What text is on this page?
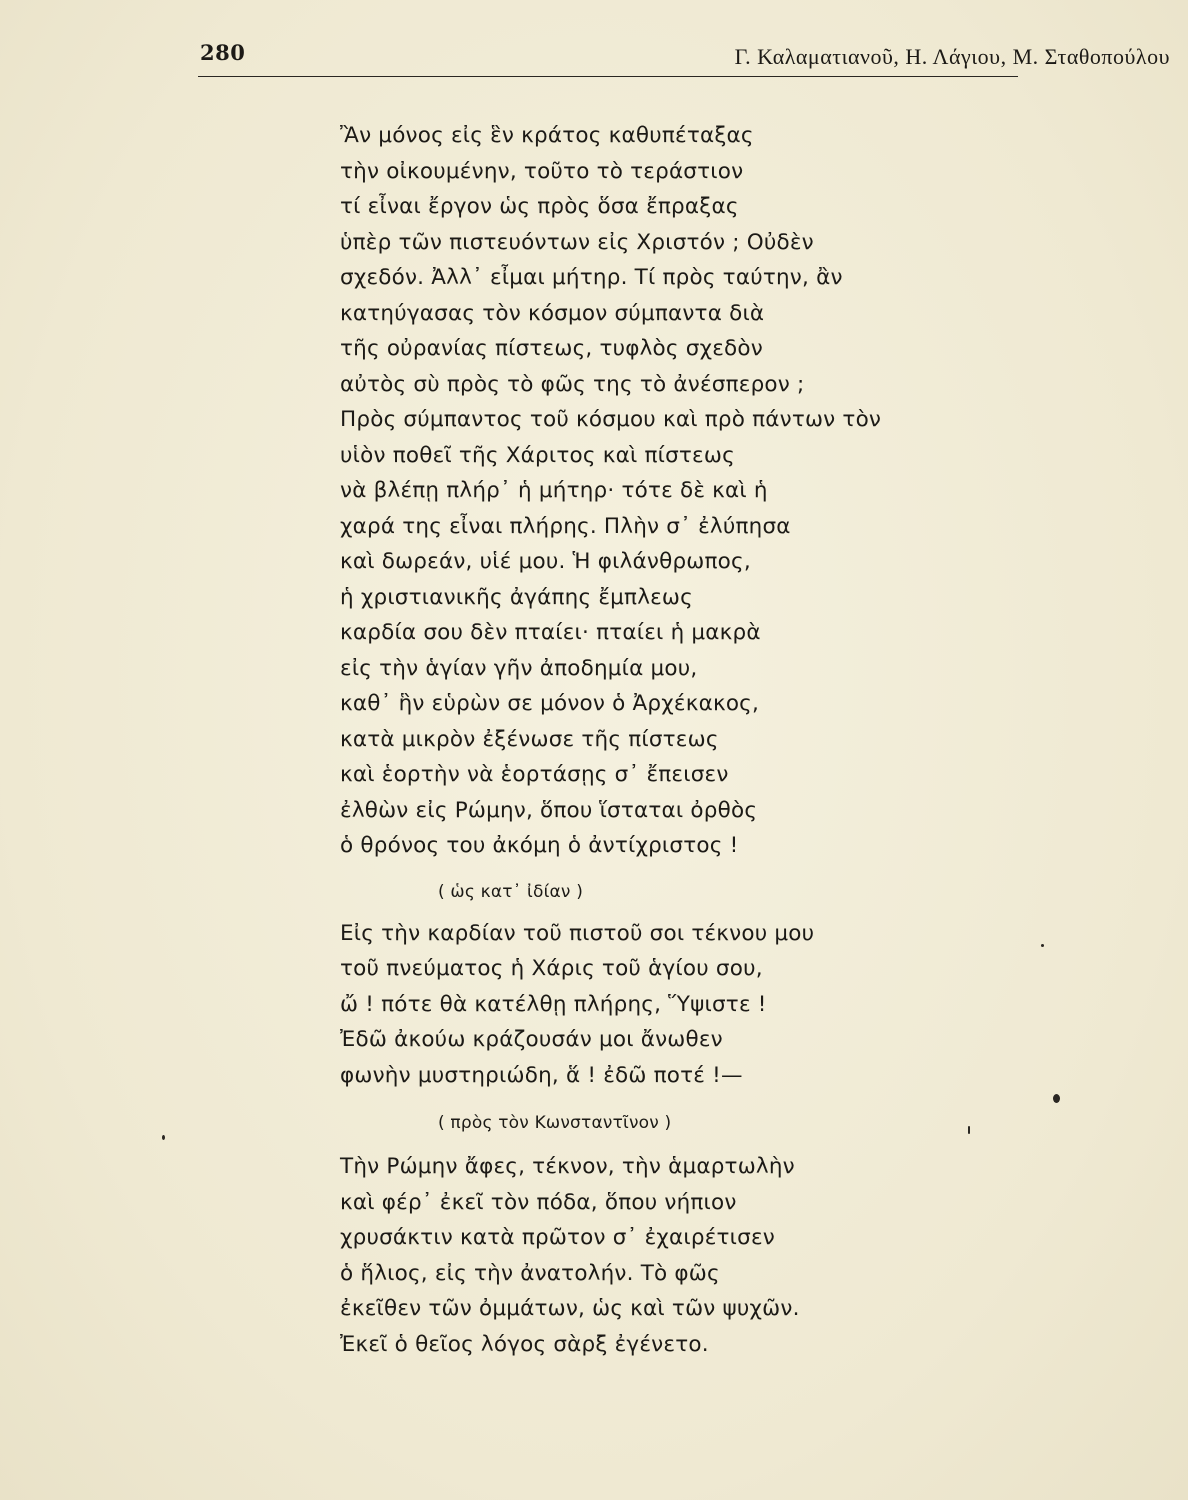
280	Γ. Καλαματιανοῦ, Η. Λάγιου, Μ. Σταθοπούλου
Ἂν μόνος εἰς ἓν κράτος καθυπέταξας
τὴν οἰκουμένην, τοῦτο τὸ τεράστιον
τί εἶναι ἔργον ὡς πρὸς ὅσα ἔπραξας
ὑπὲρ τῶν πιστευόντων εἰς Χριστόν ; Οὐδὲν
σχεδόν. Ἀλλ᾿ εἶμαι μήτηρ. Τί πρὸς ταύτην, ἂν
κατηύγασας τὸν κόσμον σύμπαντα διὰ
τῆς οὐρανίας πίστεως, τυφλὸς σχεδὸν
αὐτὸς σὺ πρὸς τὸ φῶς της τὸ ἀνέσπερον ;
Πρὸς σύμπαντος τοῦ κόσμου καὶ πρὸ πάντων τὸν
υἱὸν ποθεῖ τῆς Χάριτος καὶ πίστεως
νὰ βλέπῃ πλήρ᾿ ἡ μήτηρ· τότε δὲ καὶ ἡ
χαρά της εἶναι πλήρης. Πλὴν σ᾿ ἐλύπησα
καὶ δωρεάν, υἱέ μου. Ἡ φιλάνθρωπος,
ἡ χριστιανικῆς ἀγάπης ἔμπλεως
καρδία σου δὲν πταίει· πταίει ἡ μακρὰ
εἰς τὴν ἁγίαν γῆν ἀποδημία μου,
καθ᾿ ἣν εὑρὼν σε μόνον ὁ Ἀρχέκακος,
κατὰ μικρὸν ἐξένωσε τῆς πίστεως
καὶ ἑορτὴν νὰ ἑορτάσῃς σ᾿ ἔπεισεν
ἐλθὼν εἰς Ρώμην, ὅπου ἵσταται ὀρθὸς
ὁ θρόνος του ἀκόμη ὁ ἀντίχριστος !
( ὡς κατ᾿ ἰδίαν )
Εἰς τὴν καρδίαν τοῦ πιστοῦ σοι τέκνου μου
τοῦ πνεύματος ἡ Χάρις τοῦ ἁγίου σου,
ὤ ! πότε θὰ κατέλθῃ πλήρης, Ὕψιστε !
Ἐδῶ ἀκούω κράζουσάν μοι ἄνωθεν
φωνὴν μυστηριώδη, ἅ ! ἐδῶ ποτέ !—
( πρὸς τὸν Κωνσταντῖνον )
Τὴν Ρώμην ἄφες, τέκνον, τὴν ἁμαρτωλὴν
καὶ φέρ᾿ ἐκεῖ τὸν πόδα, ὅπου νήπιον
χρυσάκτιν κατὰ πρῶτον σ᾿ ἐχαιρέτισεν
ὁ ἥλιος, εἰς τὴν ἀνατολήν. Τὸ φῶς
ἐκεῖθεν τῶν ὀμμάτων, ὡς καὶ τῶν ψυχῶν.
Ἐκεῖ ὁ θεῖος λόγος σὰρξ ἐγένετο.
